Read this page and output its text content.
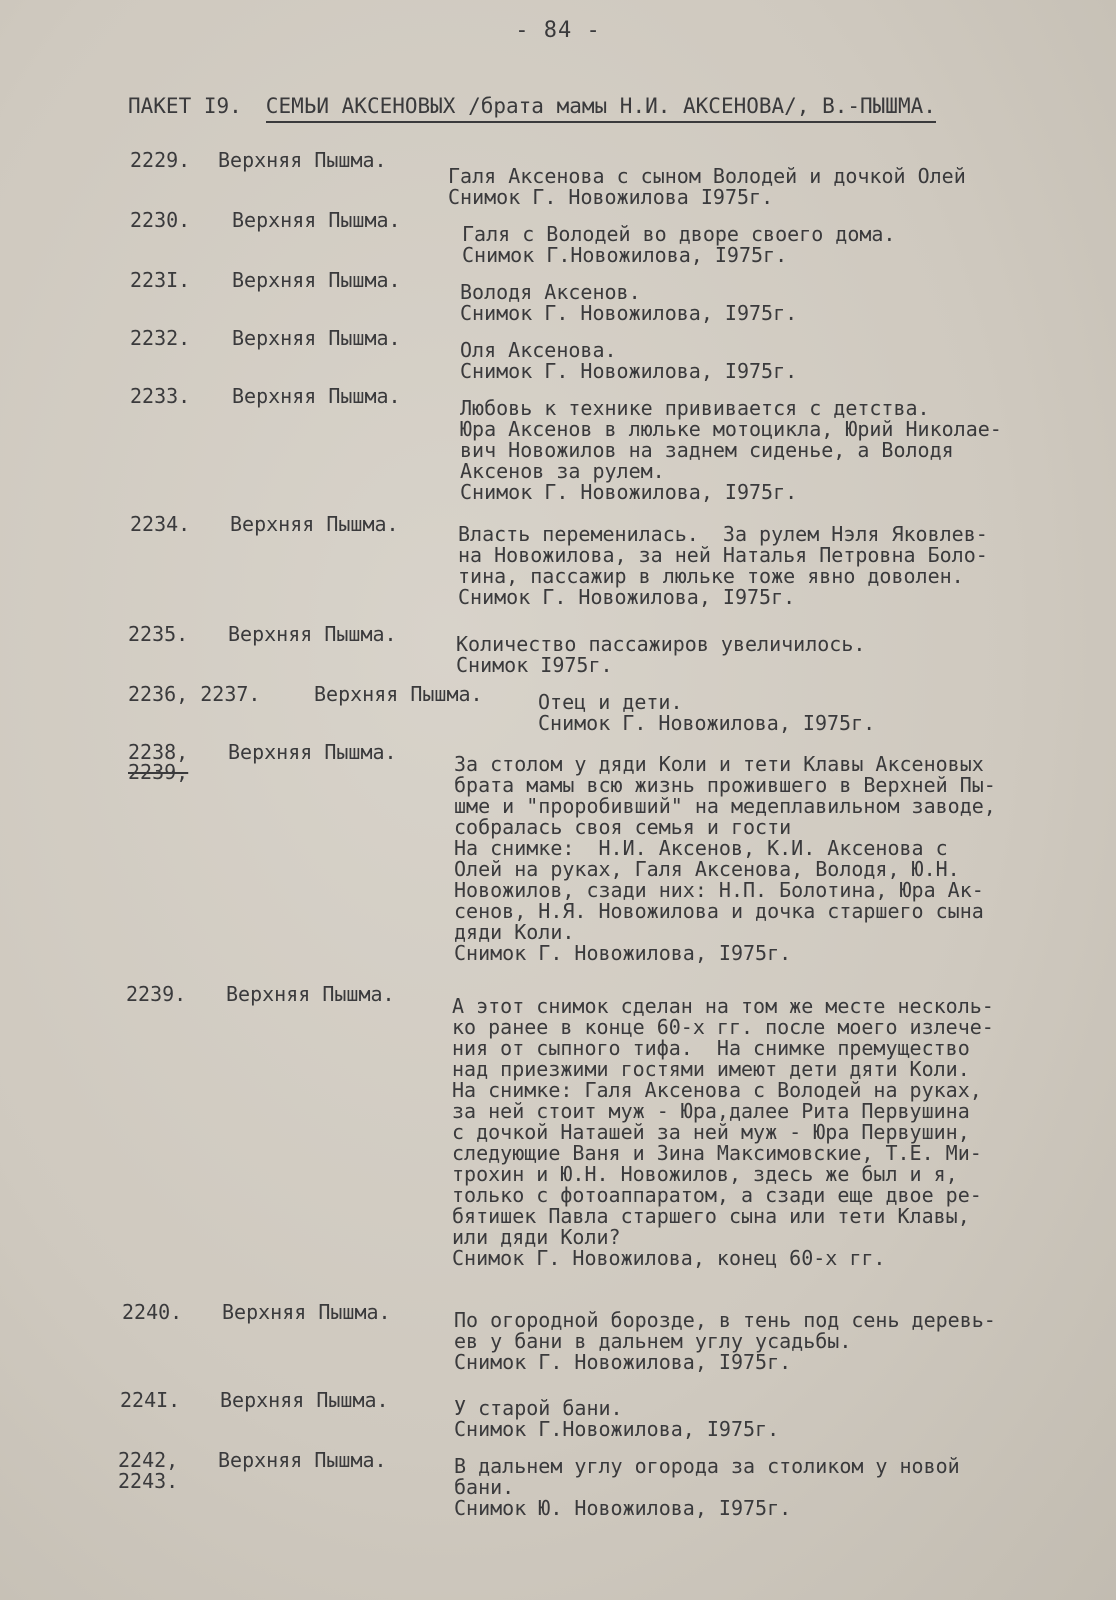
- 84 -
ПАКЕТ I9. СЕМЬИ АКСЕНОВЫХ /брата мамы Н.И. АКСЕНОВА/, В.-ПЫШМА.
2229. Верхняя Пышма.
Галя Аксенова с сыном Володей и дочкой Олей
Снимок Г. Новожилова I975г.
2230. Верхняя Пышма.
Галя с Володей во дворе своего дома.
Снимок Г.Новожилова, I975г.
223I. Верхняя Пышма.	Володя Аксенов.
Снимок Г. Новожилова, I975г.
2232. Верхняя Пышма.	Оля Аксенова.
Снимок Г. Новожилова, I975г.
2233. Верхняя Пышма.	Любовь к технике прививается с детства.
Юра Аксенов в люльке мотоцикла, Юрий Николае-
вич Новожилов на заднем сиденье, а Володя
Аксенов за рулем.
Снимок Г. Новожилова, I975г.
2234. Верхняя Пышма.	Власть переменилась.  За рулем Нэля Яковлев-
на Новожилова, за ней Наталья Петровна Боло-
тина, пассажир в люльке тоже явно доволен.
Снимок Г. Новожилова, I975г.
2235. Верхняя Пышма.	Количество пассажиров увеличилось.
Снимок I975г.
2236, 2237.	Верхняя Пышма.	Отец и дети.
Снимок Г. Новожилова, I975г.
2238,
2239,
Верхняя Пышма.	За столом у дяди Коли и тети Клавы Аксеновых
брата мамы всю жизнь прожившего в Верхней Пы-
шме и "проробивший" на медеплавильном заводе,
собралась своя семья и гости
На снимке:  Н.И. Аксенов, К.И. Аксенова с
Олей на руках, Галя Аксенова, Володя, Ю.Н.
Новожилов, сзади них: Н.П. Болотина, Юра Ак-
сенов, Н.Я. Новожилова и дочка старшего сына
дяди Коли.
Снимок Г. Новожилова, I975г.
2239. Верхняя Пышма.	А этот снимок сделан на том же месте несколь-
ко ранее в конце 60-х гг. после моего излече-
ния от сыпного тифа.  На снимке премущество
над приезжими гостями имеют дети дяти Коли.
На снимке: Галя Аксенова с Володей на руках,
за ней стоит муж - Юра,далее Рита Первушина
с дочкой Наташей за ней муж - Юра Первушин,
следующие Ваня и Зина Максимовские, Т.Е. Ми-
трохин и Ю.Н. Новожилов, здесь же был и я,
только с фотоаппаратом, а сзади еще двое ре-
бятишек Павла старшего сына или тети Клавы,
или дяди Коли?
Снимок Г. Новожилова, конец 60-х гг.
2240. Верхняя Пышма.	По огородной борозде, в тень под сень деревь-
ев у бани в дальнем углу усадьбы.
Снимок Г. Новожилова, I975г.
224I. Верхняя Пышма.	У старой бани.
Снимок Г.Новожилова, I975г.
2242,
2243.
Верхняя Пышма.	В дальнем углу огорода за столиком у новой
бани.
Снимок Ю. Новожилова, I975г.
